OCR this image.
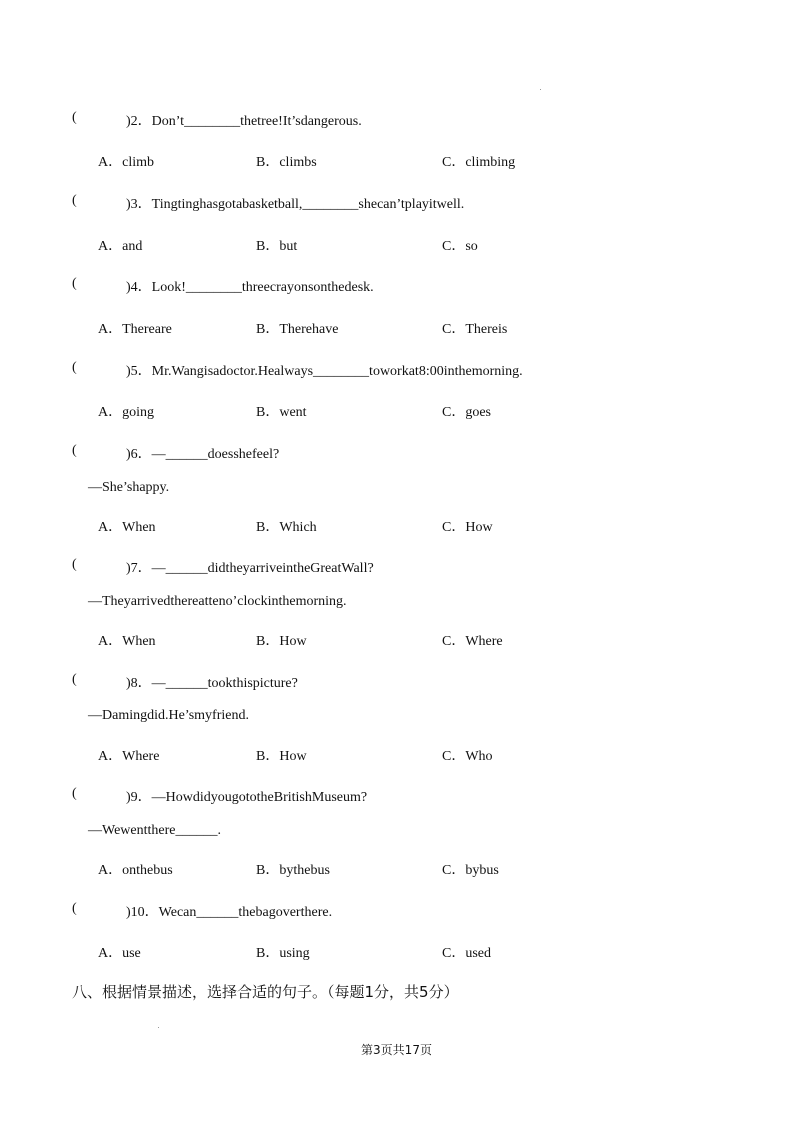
(	)2．Don’t________thetree!It’sdangerous.
A．climb	B．climbs	C．climbing
(	)3．Tingtinghasgotabasketball,________shecan’tplayitwell.
A．and	B．but	C．so
(	)4．Look!________threecrayonsonthedesk.
A．Thereare	B．Therehave	C．Thereis
(	)5．Mr.Wangisadoctor.Healways________toworkat8:00inthemorning.
A．going	B．went	C．goes
(	)6．—______doesshefeel?
—She’shappy.
A．When	B．Which	C．How
(	)7．—______didtheyarriveintheGreatWall?
—Theyarrivedthereatteno’clockinthemorning.
A．When	B．How	C．Where
(	)8．—______tookthispicture?
—Damingdid.He’smyfriend.
A．Where	B．How	C．Who
(	)9．—HowdidyougototheBritishMuseum?
—Wewentthere______.
A．onthebus	B．bythebus	C．bybus
(	)10．Wecan______thebagoverthere.
A．use	B．using	C．used
八、根据情景描述，选择合适的句子。（每题1分，共5分）
第3页共17页
